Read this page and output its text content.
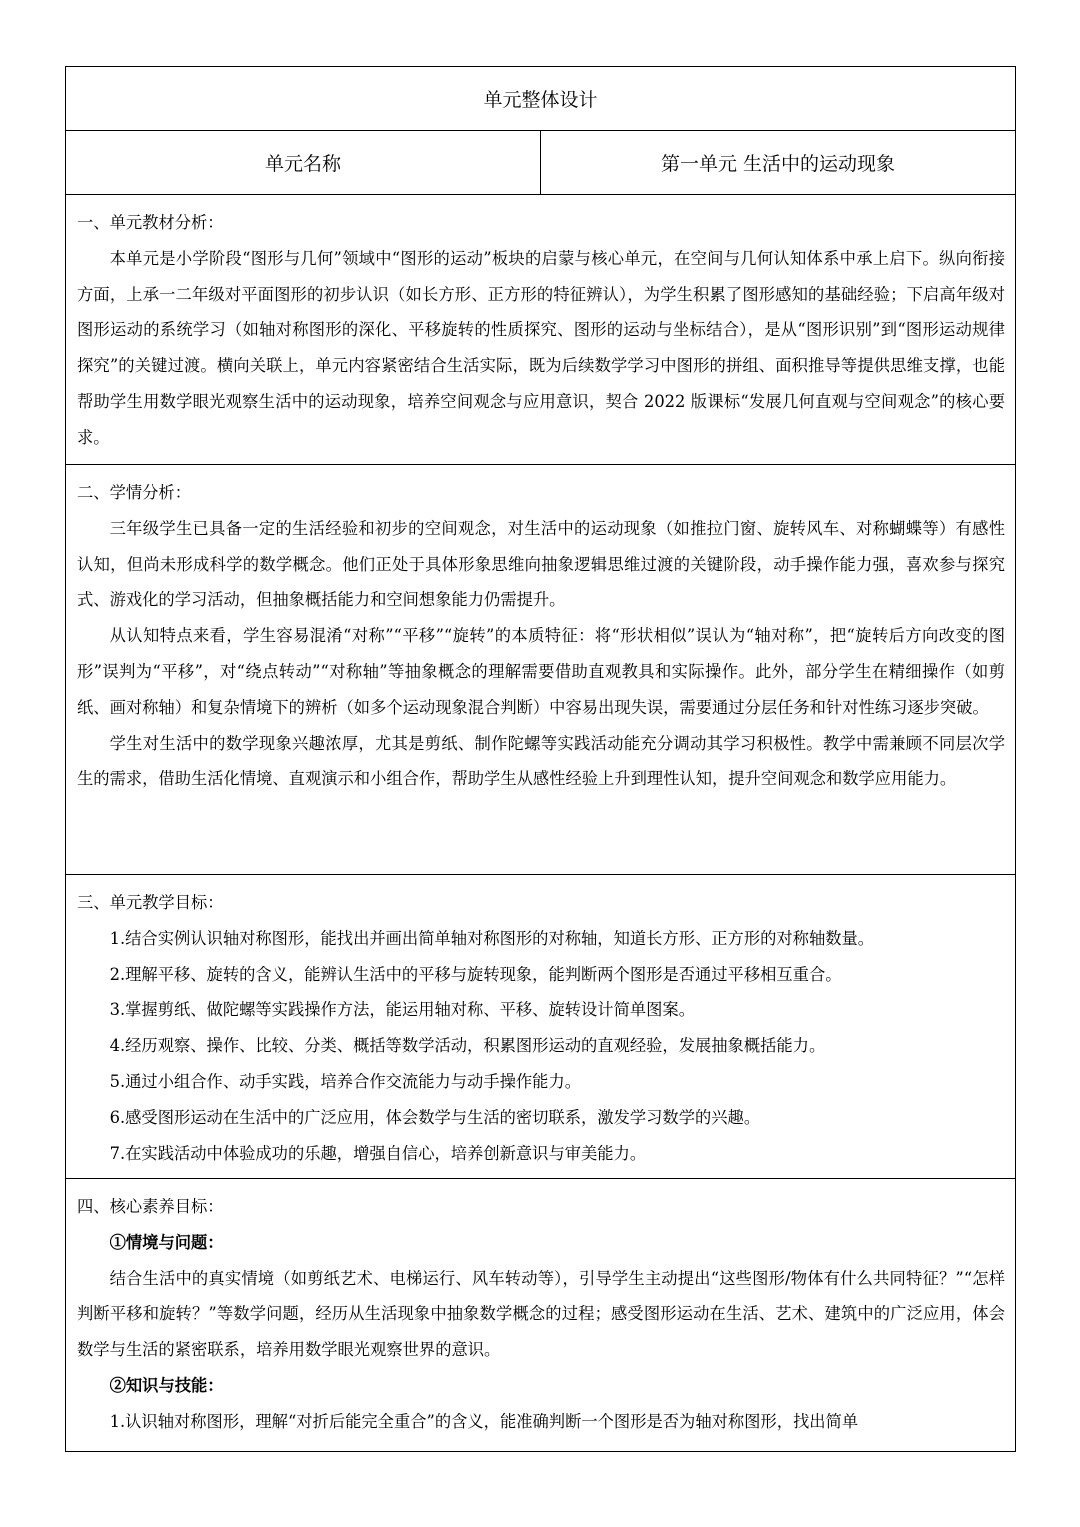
单元整体设计
单元名称	第一单元 生活中的运动现象

一、单元教材分析：

本单元是小学阶段“图形与几何”领域中“图形的运动”板块的启蒙与核心单元，在空间与几何认知体系中承上启下。纵向衔接方面，上承一二年级对平面图形的初步认识（如长方形、正方形的特征辨认），为学生积累了图形感知的基础经验；下启高年级对图形运动的系统学习（如轴对称图形的深化、平移旋转的性质探究、图形的运动与坐标结合），是从“图形识别”到“图形运动规律探究”的关键过渡。横向关联上，单元内容紧密结合生活实际，既为后续数学学习中图形的拼组、面积推导等提供思维支撑，也能帮助学生用数学眼光观察生活中的运动现象，培养空间观念与应用意识，契合 2022 版课标“发展几何直观与空间观念”的核心要求。

二、学情分析：

三年级学生已具备一定的生活经验和初步的空间观念，对生活中的运动现象（如推拉门窗、旋转风车、对称蝴蝶等）有感性认知，但尚未形成科学的数学概念。他们正处于具体形象思维向抽象逻辑思维过渡的关键阶段，动手操作能力强，喜欢参与探究式、游戏化的学习活动，但抽象概括能力和空间想象能力仍需提升。

从认知特点来看，学生容易混淆“对称”“平移”“旋转”的本质特征：将“形状相似”误认为“轴对称”，把“旋转后方向改变的图形”误判为“平移”，对“绕点转动”“对称轴”等抽象概念的理解需要借助直观教具和实际操作。此外，部分学生在精细操作（如剪纸、画对称轴）和复杂情境下的辨析（如多个运动现象混合判断）中容易出现失误，需要通过分层任务和针对性练习逐步突破。

学生对生活中的数学现象兴趣浓厚，尤其是剪纸、制作陀螺等实践活动能充分调动其学习积极性。教学中需兼顾不同层次学生的需求，借助生活化情境、直观演示和小组合作，帮助学生从感性经验上升到理性认知，提升空间观念和数学应用能力。

三、单元教学目标：

1.结合实例认识轴对称图形，能找出并画出简单轴对称图形的对称轴，知道长方形、正方形的对称轴数量。

2.理解平移、旋转的含义，能辨认生活中的平移与旋转现象，能判断两个图形是否通过平移相互重合。

3.掌握剪纸、做陀螺等实践操作方法，能运用轴对称、平移、旋转设计简单图案。

4.经历观察、操作、比较、分类、概括等数学活动，积累图形运动的直观经验，发展抽象概括能力。

5.通过小组合作、动手实践，培养合作交流能力与动手操作能力。

6.感受图形运动在生活中的广泛应用，体会数学与生活的密切联系，激发学习数学的兴趣。

7.在实践活动中体验成功的乐趣，增强自信心，培养创新意识与审美能力。

四、核心素养目标：

①情境与问题：

结合生活中的真实情境（如剪纸艺术、电梯运行、风车转动等），引导学生主动提出“这些图形/物体有什么共同特征？”“怎样判断平移和旋转？”等数学问题，经历从生活现象中抽象数学概念的过程；感受图形运动在生活、艺术、建筑中的广泛应用，体会数学与生活的紧密联系，培养用数学眼光观察世界的意识。

②知识与技能：

1.认识轴对称图形，理解“对折后能完全重合”的含义，能准确判断一个图形是否为轴对称图形，找出简单
